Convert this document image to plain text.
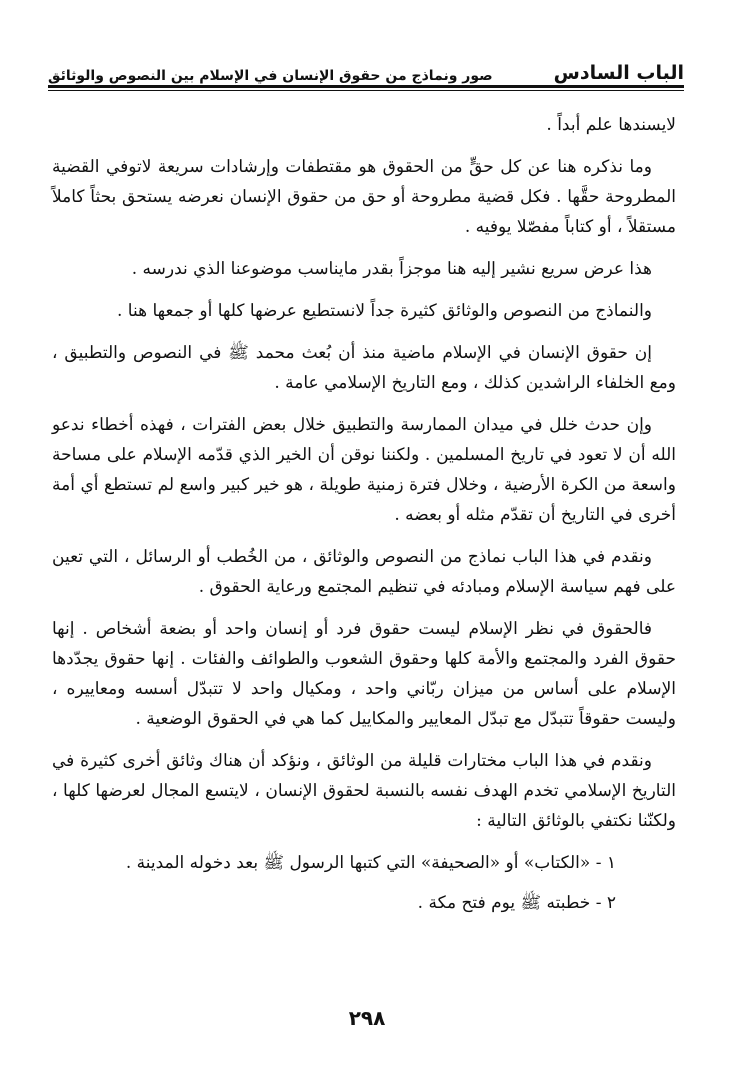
الباب السادس
صور ونماذج من حقوق الإنسان في الإسلام بين النصوص والوثائق

لايسندها علم أبداً .

وما نذكره هنا عن كل حقٍّ من الحقوق هو مقتطفات وإرشادات سريعة لاتوفي القضية المطروحة حقَّها . فكل قضية مطروحة أو حق من حقوق الإنسان نعرضه يستحق بحثاً كاملاً مستقلاً ، أو كتاباً مفصّلا يوفيه .

هذا عرض سريع نشير إليه هنا موجزاً بقدر مايناسب موضوعنا الذي ندرسه .

والنماذج من النصوص والوثائق كثيرة جداً لانستطيع عرضها كلها أو جمعها هنا .

إن حقوق الإنسان في الإسلام ماضية منذ أن بُعث محمد ﷺ في النصوص والتطبيق ، ومع الخلفاء الراشدين كذلك ، ومع التاريخ الإسلامي عامة .

وإن حدث خلل في ميدان الممارسة والتطبيق خلال بعض الفترات ، فهذه أخطاء ندعو الله أن لا تعود في تاريخ المسلمين . ولكننا نوقن أن الخير الذي قدّمه الإسلام على مساحة واسعة من الكرة الأرضية ، وخلال فترة زمنية طويلة ، هو خير كبير واسع لم تستطع أي أمة أخرى في التاريخ أن تقدّم مثله أو بعضه .

ونقدم في هذا الباب نماذج من النصوص والوثائق ، من الخُطب أو الرسائل ، التي تعين على فهم سياسة الإسلام ومبادئه في تنظيم المجتمع ورعاية الحقوق .

فالحقوق في نظر الإسلام ليست حقوق فرد أو إنسان واحد أو بضعة أشخاص . إنها حقوق الفرد والمجتمع والأمة كلها وحقوق الشعوب والطوائف والفئات . إنها حقوق يجدّدها الإسلام على أساس من ميزان ربّاني واحد ، ومكيال واحد لا تتبدّل أسسه ومعاييره ، وليست حقوقاً تتبدّل مع تبدّل المعايير والمكاييل كما هي في الحقوق الوضعية .

ونقدم في هذا الباب مختارات قليلة من الوثائق ، ونؤكد أن هناك وثائق أخرى كثيرة في التاريخ الإسلامي تخدم الهدف نفسه بالنسبة لحقوق الإنسان ، لايتسع المجال لعرضها كلها ، ولكنّنا نكتفي بالوثائق التالية :

١ - «الكتاب» أو «الصحيفة» التي كتبها الرسول ﷺ بعد دخوله المدينة .

٢ - خطبته ﷺ يوم فتح مكة .

٢٩٨
